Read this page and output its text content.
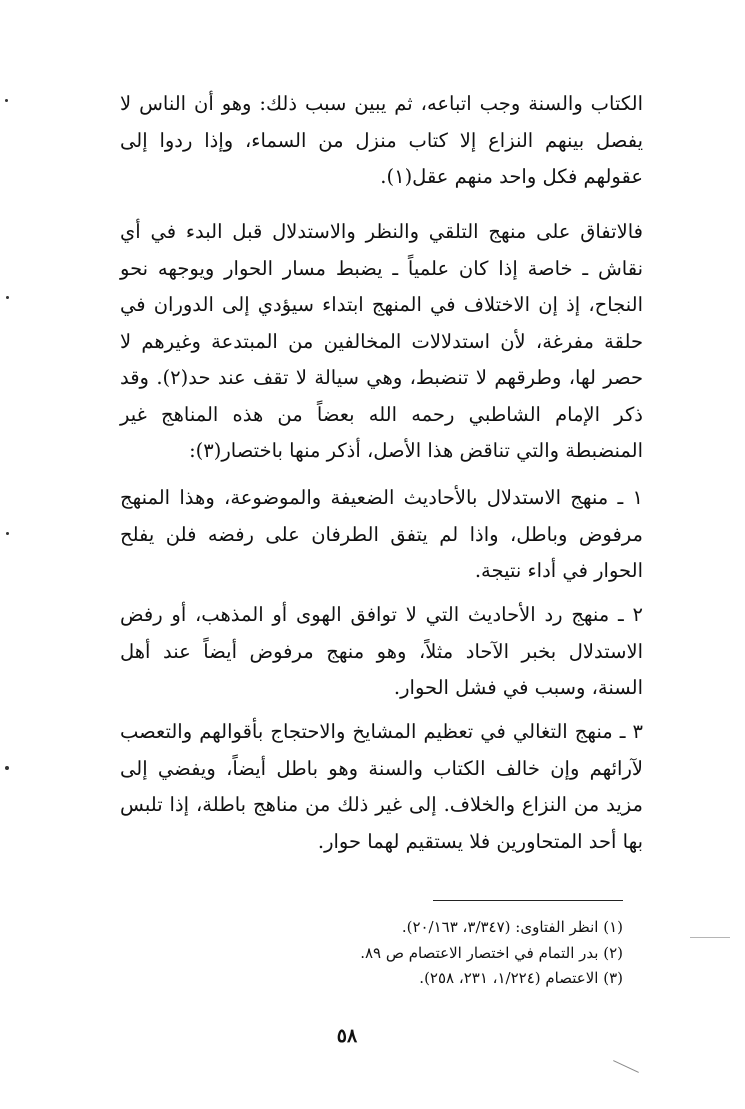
الكتاب والسنة وجب اتباعه، ثم يبين سبب ذلك: وهو أن الناس لا يفصل بينهم النزاع إلا كتاب منزل من السماء، وإذا ردوا إلى عقولهم فكل واحد منهم عقل(١).

فالاتفاق على منهج التلقي والنظر والاستدلال قبل البدء في أي نقاش ـ خاصة إذا كان علمياً ـ يضبط مسار الحوار ويوجهه نحو النجاح، إذ إن الاختلاف في المنهج ابتداء سيؤدي إلى الدوران في حلقة مفرغة، لأن استدلالات المخالفين من المبتدعة وغيرهم لا حصر لها، وطرقهم لا تنضبط، وهي سيالة لا تقف عند حد(٢). وقد ذكر الإمام الشاطبي رحمه الله بعضاً من هذه المناهج غير المنضبطة والتي تناقض هذا الأصل، أذكر منها باختصار(٣):

١ ـ منهج الاستدلال بالأحاديث الضعيفة والموضوعة، وهذا المنهج مرفوض وباطل، واذا لم يتفق الطرفان على رفضه فلن يفلح الحوار في أداء نتيجة.

٢ ـ منهج رد الأحاديث التي لا توافق الهوى أو المذهب، أو رفض الاستدلال بخبر الآحاد مثلاً، وهو منهج مرفوض أيضاً عند أهل السنة، وسبب في فشل الحوار.

٣ ـ منهج التغالي في تعظيم المشايخ والاحتجاج بأقوالهم والتعصب لآرائهم وإن خالف الكتاب والسنة وهو باطل أيضاً، ويفضي إلى مزيد من النزاع والخلاف. إلى غير ذلك من مناهج باطلة، إذا تلبس بها أحد المتحاورين فلا يستقيم لهما حوار.

(١) انظر الفتاوى: (٣/٣٤٧، ٢٠/١٦٣).
(٢) بدر التمام في اختصار الاعتصام ص ٨٩.
(٣) الاعتصام (١/٢٢٤، ٢٣١، ٢٥٨).
٥٨
